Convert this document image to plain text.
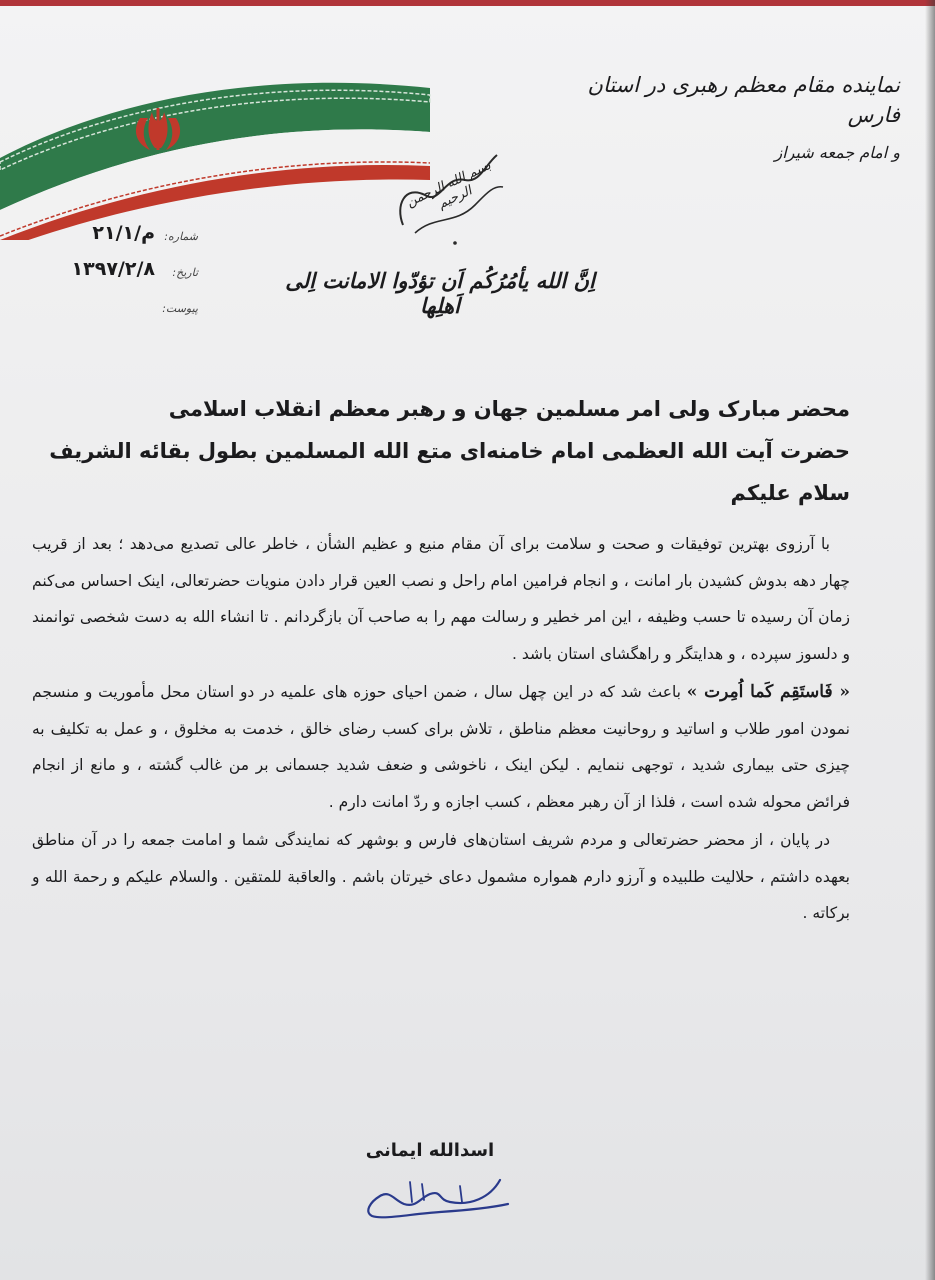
نماینده مقام معظم رهبری در استان فارس
و امام جمعه شیراز
بسم الله الرحمن الرحیم
شماره:
م/۲۱/۱
تاریخ:
۱۳۹۷/۲/۸
پیوست:
اِنَّ الله یأمُرُکُم اَن تؤدّوا الامانت اِلی اَهلِها

محضر مبارک ولی امر مسلمین جهان و رهبر معظم انقلاب اسلامی

حضرت آیت الله العظمی امام خامنه‌ای متع الله المسلمین بطول بقائه الشریف

سلام علیکم

با آرزوی بهترین توفیقات و صحت و سلامت برای آن مقام منیع و عظیم الشأن ، خاطر عالی تصدیع می‌دهد ؛ بعد از قریب چهار دهه بدوش کشیدن بار امانت ، و انجام فرامین امام راحل و نصب العین قرار دادن منویات حضرتعالی، اینک احساس می‌کنم زمان آن رسیده تا حسب وظیفه ، این امر خطیر و رسالت مهم را به صاحب آن بازگردانم . تا انشاء الله به دست شخصی توانمند و دلسوز سپرده ، و هدایتگر و راهگشای استان باشد .

« فَاستَقِم کَما اُمِرت » باعث شد که در این چهل سال ، ضمن احیای حوزه های علمیه در دو استان محل مأموریت و منسجم نمودن امور طلاب و اساتید و روحانیت معظم مناطق ، تلاش برای کسب رضای خالق ، خدمت به مخلوق ، و عمل به تکلیف به چیزی حتی بیماری شدید ، توجهی ننمایم . لیکن اینک ، ناخوشی و ضعف شدید جسمانی بر من غالب گشته ، و مانع از انجام فرائض محوله شده است ، فلذا از آن رهبر معظم ، کسب اجازه و ردّ امانت دارم .

در پایان ، از محضر حضرتعالی و مردم شریف استان‌های فارس و بوشهر که نمایندگی شما و امامت جمعه را در آن مناطق بعهده داشتم ، حلالیت طلبیده و آرزو دارم همواره مشمول دعای خیرتان باشم . والعاقبة للمتقین . والسلام علیکم و رحمة الله و برکاته .

اسدالله ایمانی
